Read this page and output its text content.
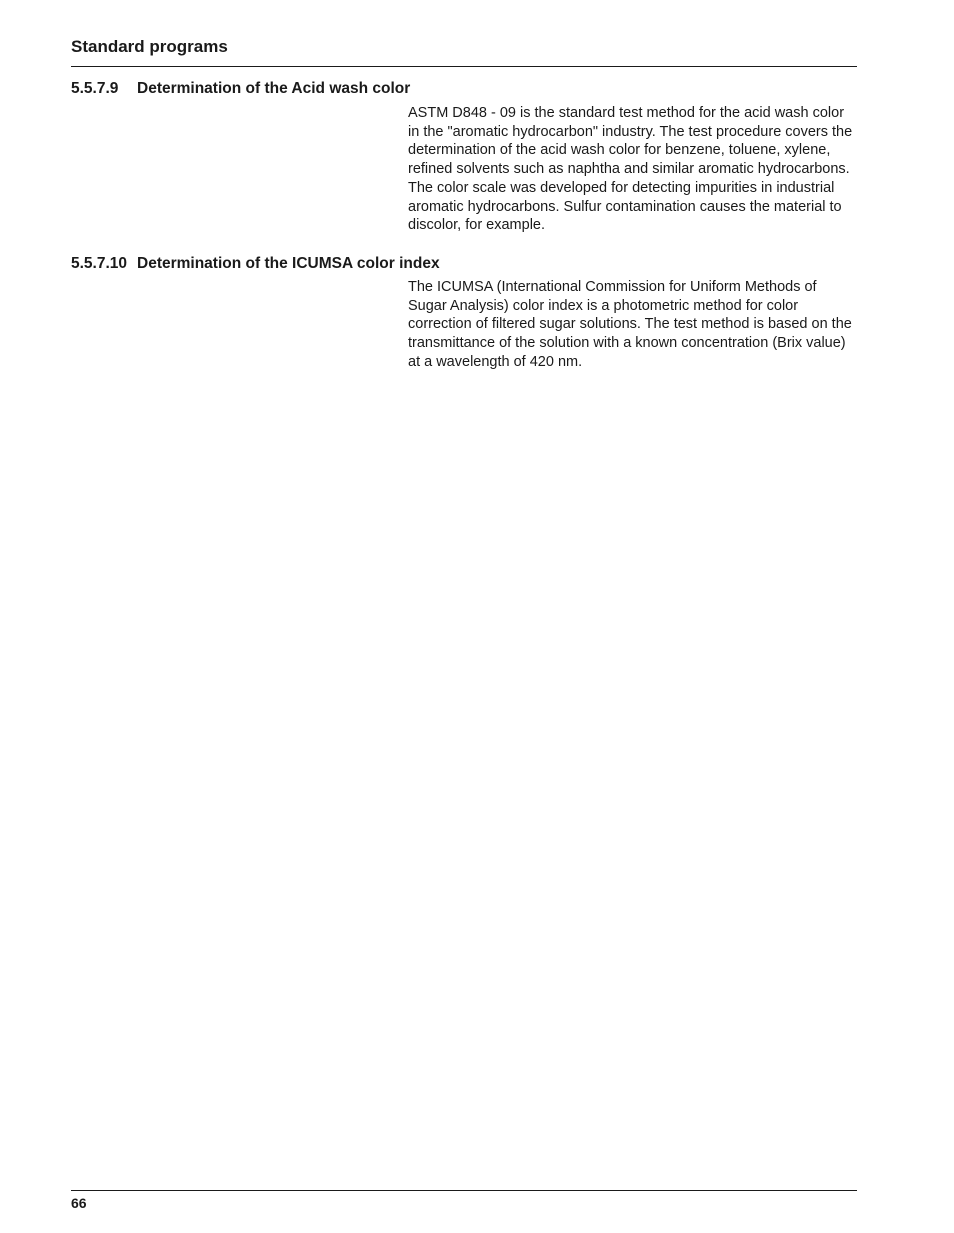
Standard programs
5.5.7.9 Determination of the Acid wash color

ASTM D848 - 09 is the standard test method for the acid wash color in the "aromatic hydrocarbon" industry. The test procedure covers the determination of the acid wash color for benzene, toluene, xylene, refined solvents such as naphtha and similar aromatic hydrocarbons. The color scale was developed for detecting impurities in industrial aromatic hydrocarbons. Sulfur contamination causes the material to discolor, for example.

5.5.7.10 Determination of the ICUMSA color index

The ICUMSA (International Commission for Uniform Methods of Sugar Analysis) color index is a photometric method for color correction of filtered sugar solutions. The test method is based on the transmittance of the solution with a known concentration (Brix value) at a wavelength of 420 nm.

66
